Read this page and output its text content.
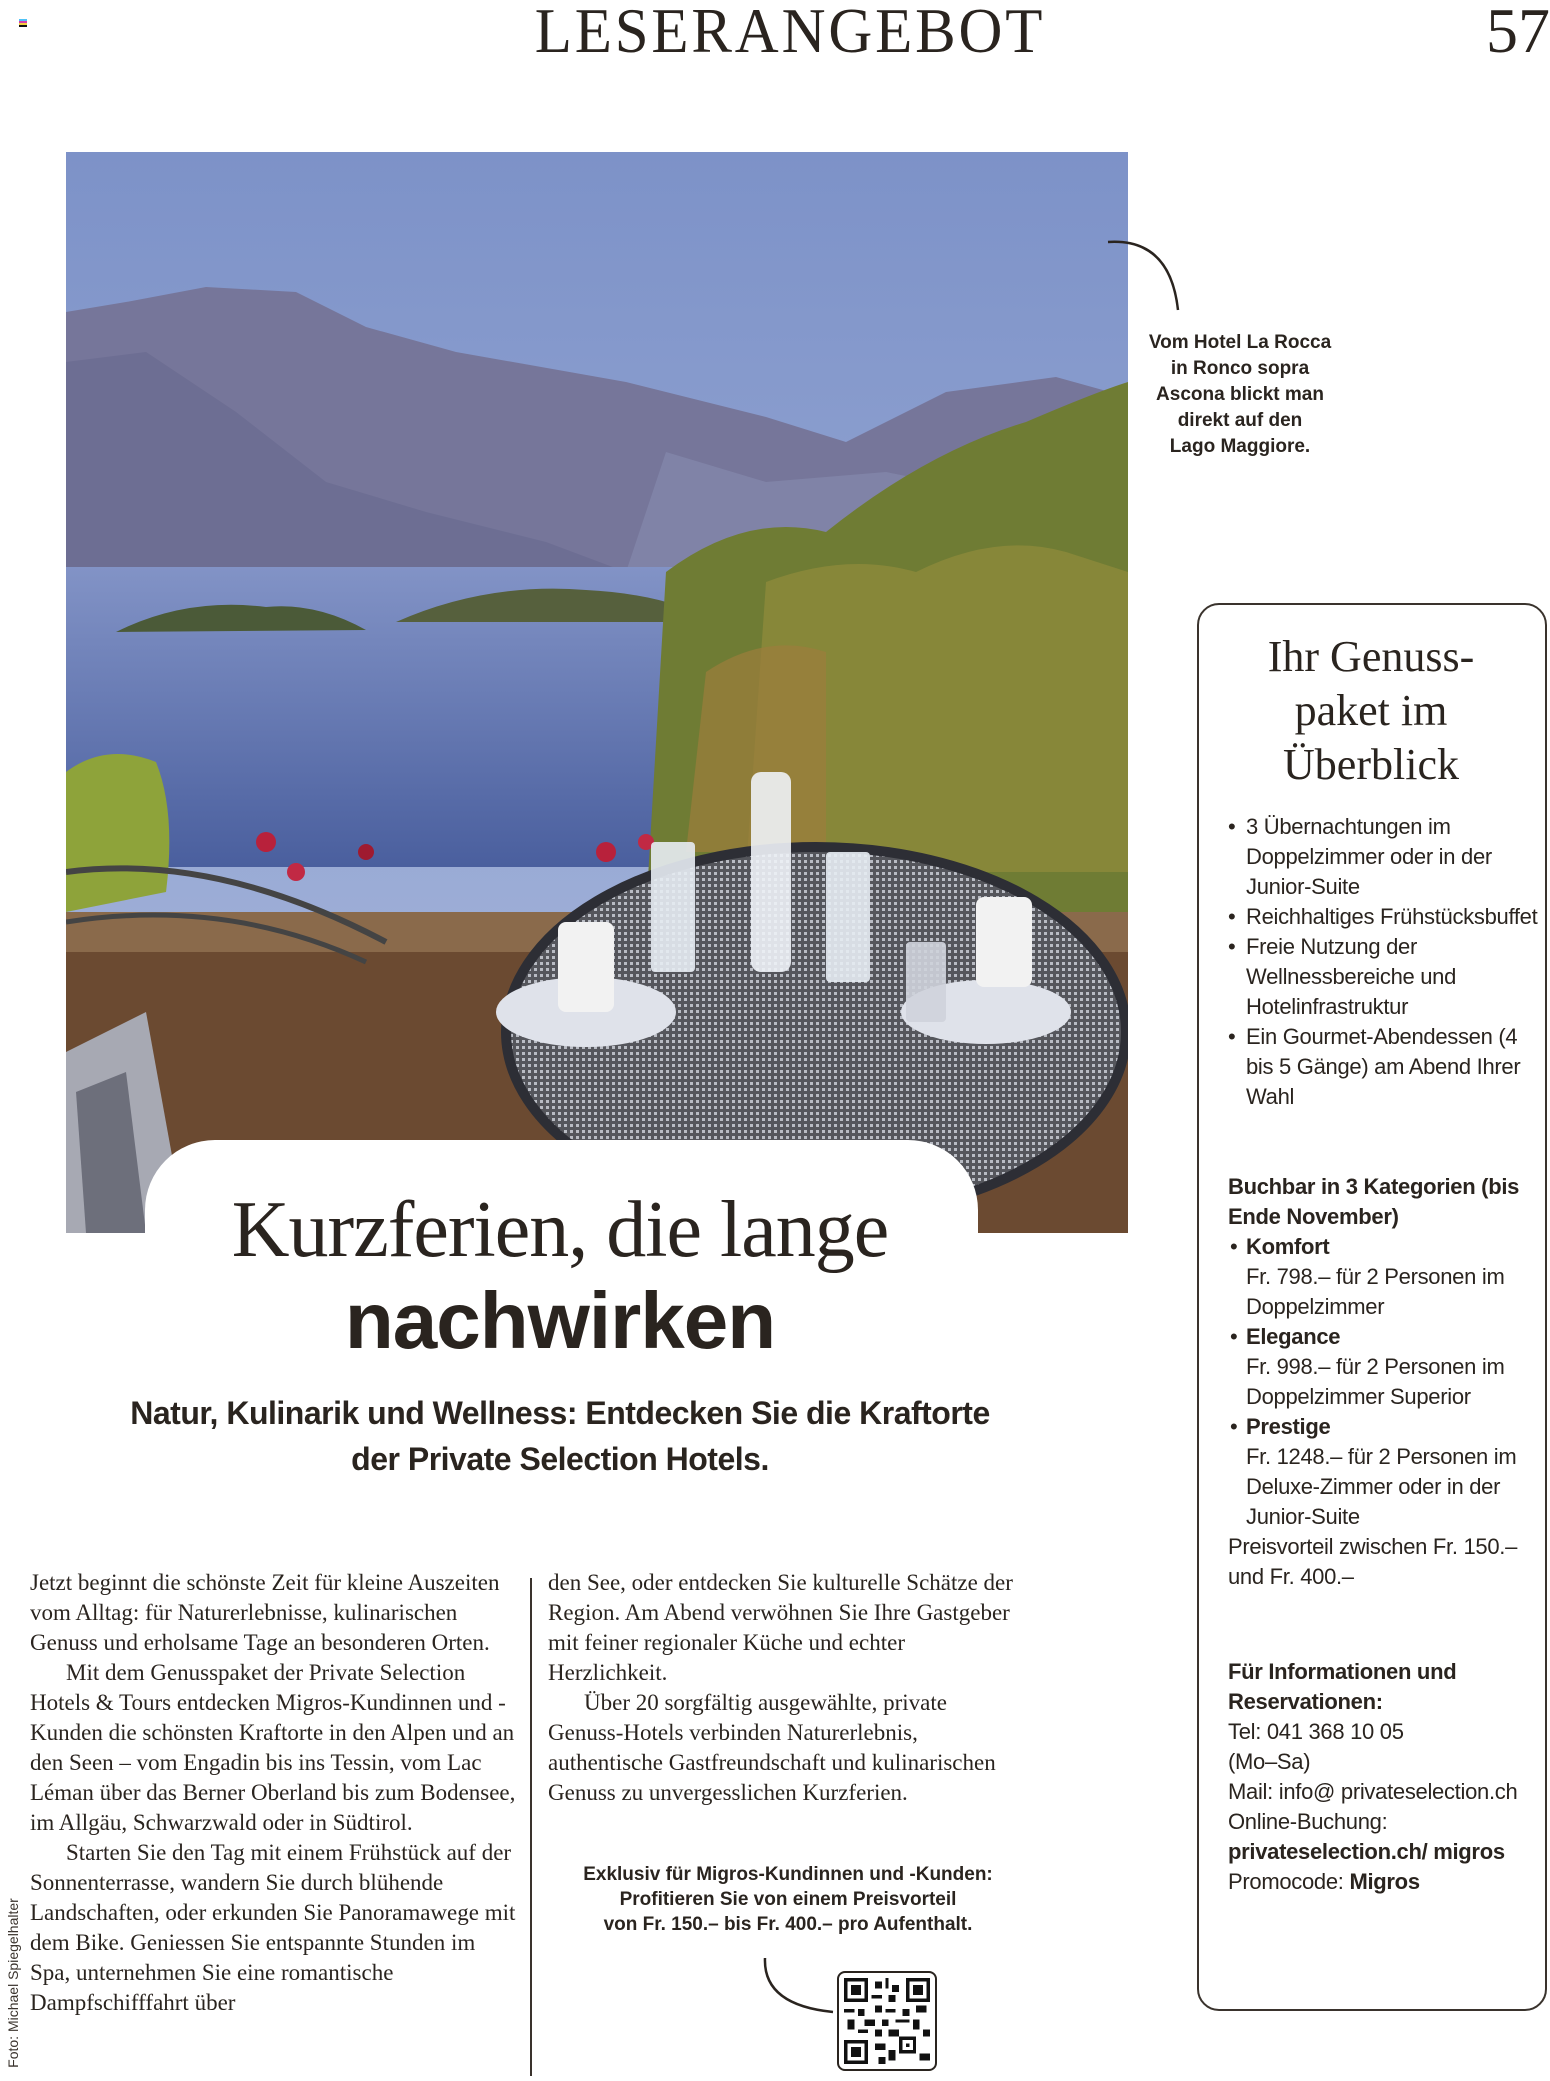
LESERANGEBOT	57
Vom Hotel La Rocca
in Ronco sopra
Ascona blickt man
direkt auf den
Lago Maggiore.
Kurzferien, die lange
nachwirken
Natur, Kulinarik und Wellness: Entdecken Sie die Kraftorte der Private Selection Hotels.

Jetzt beginnt die schönste Zeit für kleine Auszeiten vom Alltag: für Naturerlebnisse, kulinarischen Genuss und erholsame Tage an besonderen Orten.

Mit dem Genusspaket der Private Selection Hotels & Tours entdecken Migros-Kundinnen und -Kunden die schönsten Kraftorte in den Alpen und an den Seen – vom Engadin bis ins Tessin, vom Lac Léman über das Berner Oberland bis zum Bodensee, im Allgäu, Schwarzwald oder in Südtirol.

Starten Sie den Tag mit einem Frühstück auf der Sonnenterrasse, wandern Sie durch blühende Landschaften, oder erkunden Sie Panoramawege mit dem Bike. Geniessen Sie entspannte Stunden im Spa, unternehmen Sie eine romantische Dampfschifffahrt über

den See, oder entdecken Sie kulturelle Schätze der Region. Am Abend verwöhnen Sie Ihre Gastgeber mit feiner regionaler Küche und echter Herzlichkeit.

Über 20 sorgfältig ausgewählte, private Genuss-Hotels verbinden Naturerlebnis, authentische Gastfreundschaft und kulinarischen Genuss zu unvergesslichen Kurzferien.

Exklusiv für Migros-Kundinnen und -Kunden:
Profitieren Sie von einem Preisvorteil
von Fr. 150.– bis Fr. 400.– pro Aufenthalt.
Foto: Michael Spiegelhalter
Ihr Genuss-
paket im
Überblick
• 3 Übernachtungen im Doppelzimmer oder in der Junior-Suite
• Reichhaltiges Frühstücksbuffet
• Freie Nutzung der Wellnessbereiche und Hotelinfrastruktur
• Ein Gourmet-Abendessen (4 bis 5 Gänge) am Abend Ihrer Wahl
Buchbar in 3 Kategorien (bis Ende November)
• Komfort
Fr. 798.– für 2 Personen im Doppelzimmer
• Elegance
Fr. 998.– für 2 Personen im Doppelzimmer Superior
• Prestige
Fr. 1248.– für 2 Personen im Deluxe-Zimmer oder in der Junior-Suite
Preisvorteil zwischen Fr. 150.– und Fr. 400.–
Für Informationen und Reservationen:
Tel: 041 368 10 05
(Mo–Sa)
Mail: info@ privateselection.ch
Online-Buchung:
privateselection.ch/ migros
Promocode: Migros
